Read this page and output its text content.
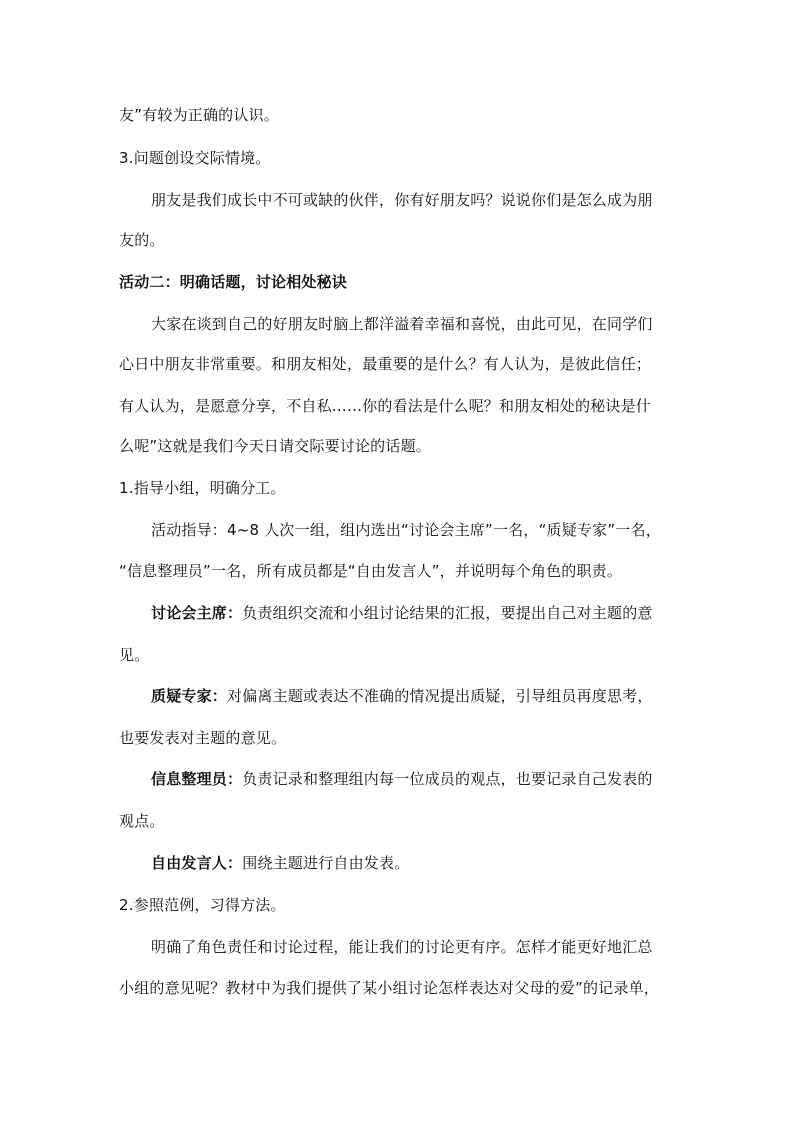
友”有较为正确的认识。
3.问题创设交际情境。
朋友是我们成长中不可或缺的伙伴，你有好朋友吗？说说你们是怎么成为朋
友的。
活动二：明确话题，讨论相处秘诀
大家在谈到自己的好朋友时脑上都洋溢着幸福和喜悦，由此可见，在同学们
心日中朋友非常重要。和朋友相处，最重要的是什么？有人认为，是彼此信任；
有人认为，是愿意分享，不自私……你的看法是什么呢？和朋友相处的秘诀是什
么呢”这就是我们今天日请交际要讨论的话题。
1.指导小组，明确分工。
活动指导：4~8 人次一组，组内选出“讨论会主席”一名，“质疑专家”一名，
“信息整理员”一名，所有成员都是“自由发言人”，并说明每个角色的职责。
讨论会主席：负责组织交流和小组讨论结果的汇报，要提出自己对主题的意
见。
质疑专家：对偏离主题或表达不准确的情况提出质疑，引导组员再度思考，
也要发表对主题的意见。
信息整理员：负责记录和整理组内每一位成员的观点，也要记录自己发表的
观点。
自由发言人：围绕主题进行自由发表。
2.参照范例，习得方法。
明确了角色责任和讨论过程，能让我们的讨论更有序。怎样才能更好地汇总
小组的意见呢？教材中为我们提供了某小组讨论怎样表达对父母的爱”的记录单，
